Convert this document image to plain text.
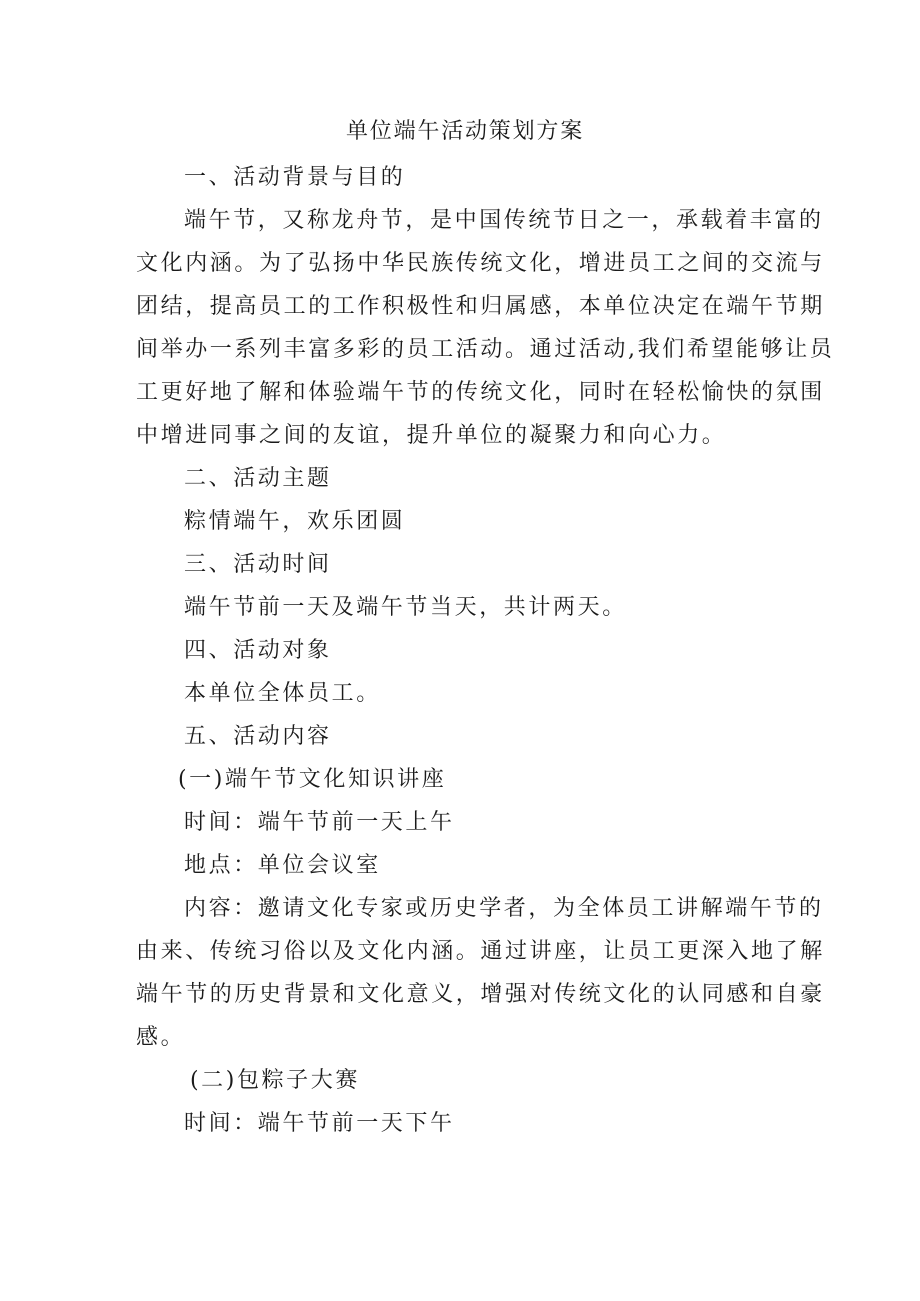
单位端午活动策划方案
一、活动背景与目的
端午节，又称龙舟节，是中国传统节日之一，承载着丰富的
文化内涵。为了弘扬中华民族传统文化，增进员工之间的交流与
团结，提高员工的工作积极性和归属感，本单位决定在端午节期
间举办一系列丰富多彩的员工活动。通过活动,我们希望能够让员
工更好地了解和体验端午节的传统文化，同时在轻松愉快的氛围
中增进同事之间的友谊，提升单位的凝聚力和向心力。
二、活动主题
粽情端午，欢乐团圆
三、活动时间
端午节前一天及端午节当天，共计两天。
四、活动对象
本单位全体员工。
五、活动内容
(一)端午节文化知识讲座
时间：端午节前一天上午
地点：单位会议室
内容：邀请文化专家或历史学者，为全体员工讲解端午节的
由来、传统习俗以及文化内涵。通过讲座，让员工更深入地了解
端午节的历史背景和文化意义，增强对传统文化的认同感和自豪
感。
(二)包粽子大赛
时间：端午节前一天下午
